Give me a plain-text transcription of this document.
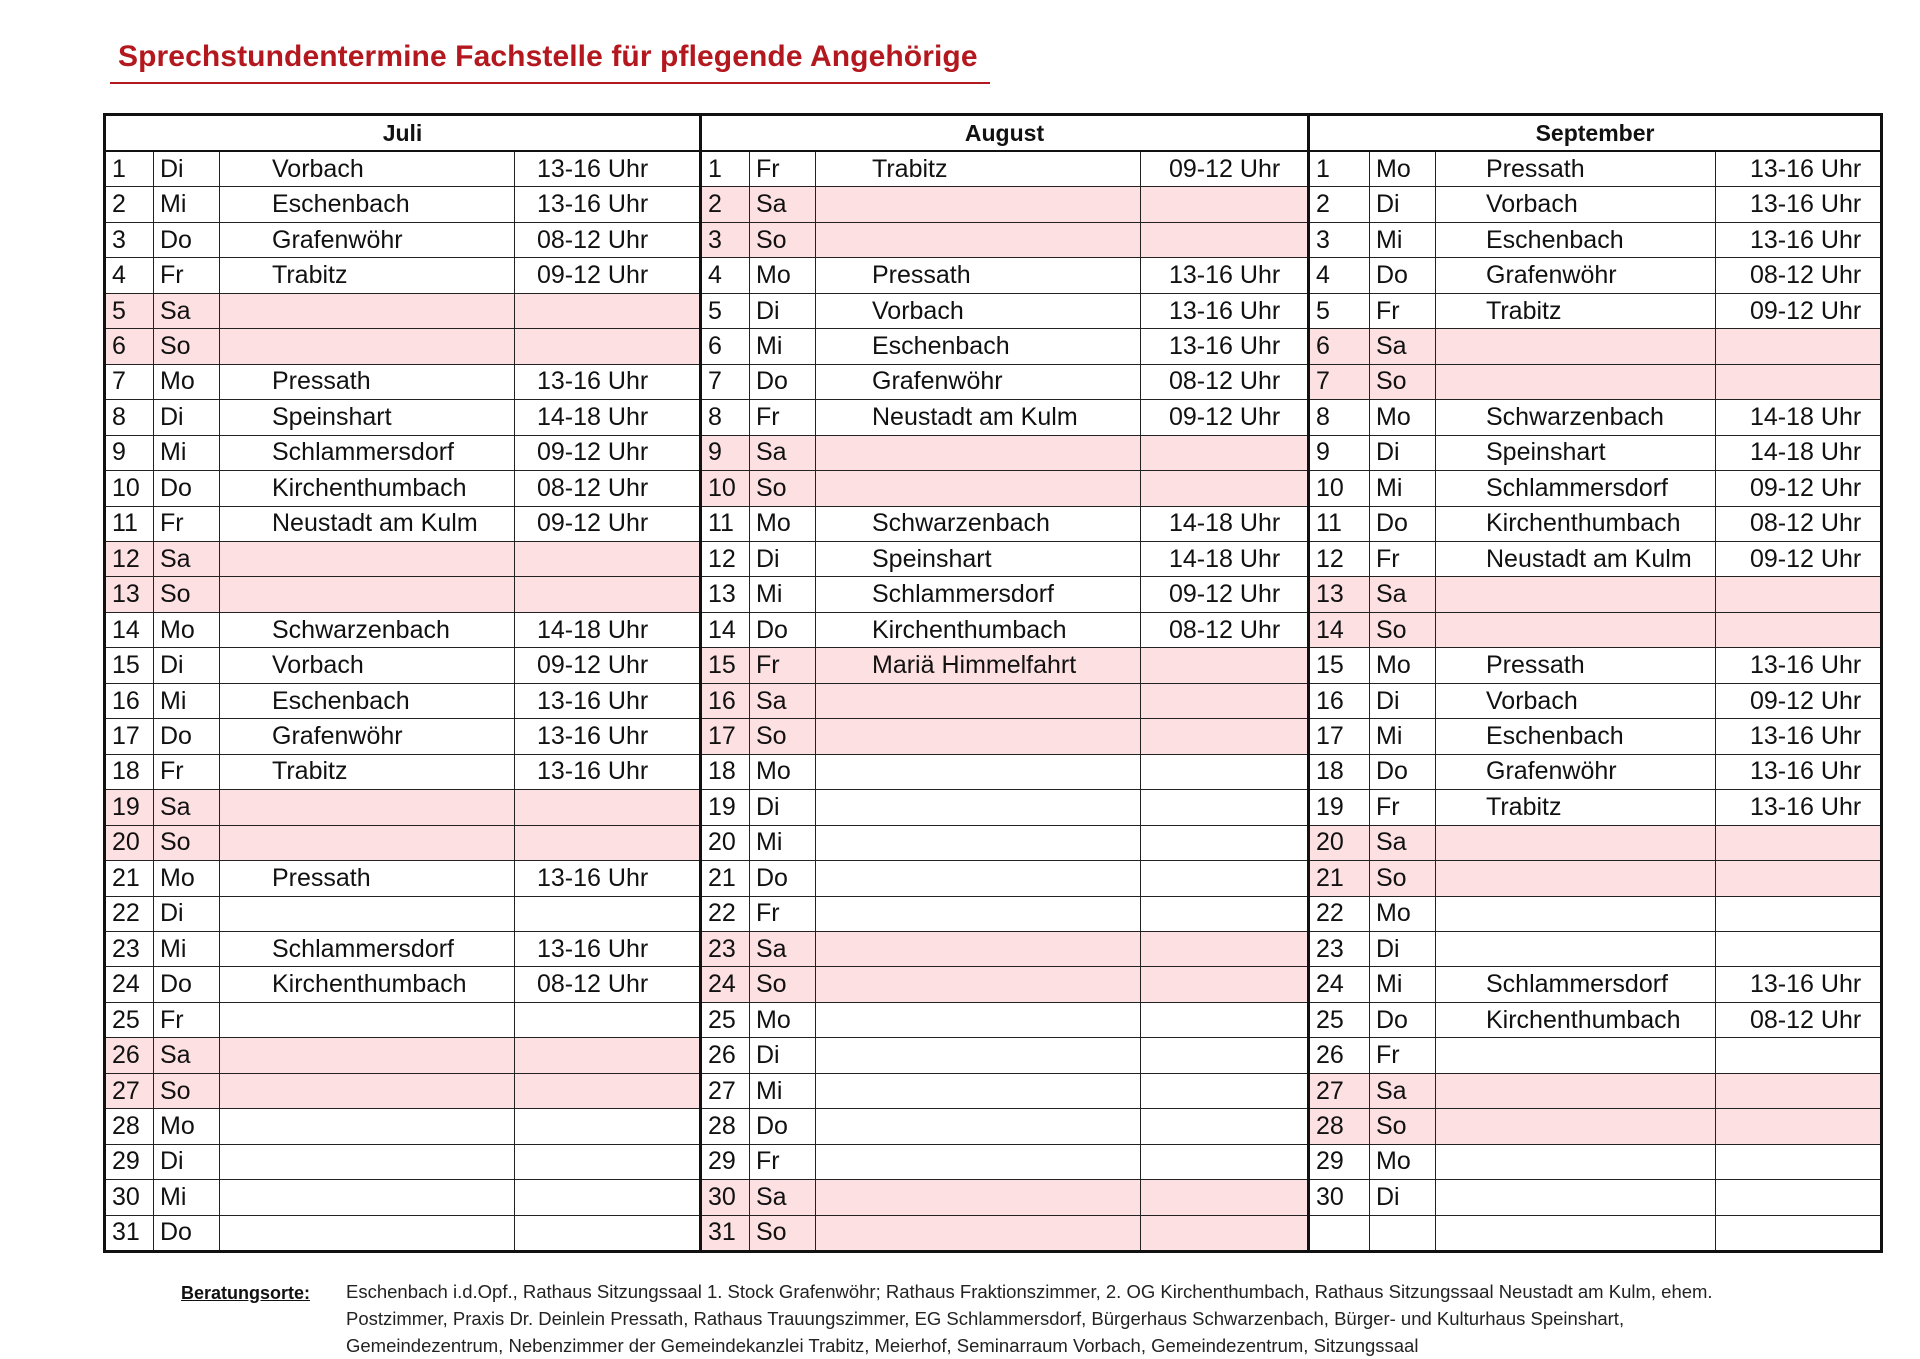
Sprechstundentermine Fachstelle für pflegende Angehörige
Juli
1	Di	Vorbach	13-16 Uhr
2	Mi	Eschenbach	13-16 Uhr
3	Do	Grafenwöhr	08-12 Uhr
4	Fr	Trabitz	09-12 Uhr
5	Sa
6	So
7	Mo	Pressath	13-16 Uhr
8	Di	Speinshart	14-18 Uhr
9	Mi	Schlammersdorf	09-12 Uhr
10 Do	Kirchenthumbach	08-12 Uhr
11 Fr	Neustadt am Kulm	09-12 Uhr
12 Sa
13 So
14 Mo	Schwarzenbach	14-18 Uhr
15 Di	Vorbach	09-12 Uhr
16 Mi	Eschenbach	13-16 Uhr
17 Do	Grafenwöhr	13-16 Uhr
18 Fr	Trabitz	13-16 Uhr
19 Sa
20 So
21 Mo	Pressath	13-16 Uhr
22 Di
23 Mi	Schlammersdorf	13-16 Uhr
24 Do	Kirchenthumbach	08-12 Uhr
25 Fr
26 Sa
27 So
28 Mo
29 Di
30 Mi
31 Do
August
1	Fr	Trabitz	09-12 Uhr
2	Sa
3	So
4	Mo	Pressath	13-16 Uhr
5	Di	Vorbach	13-16 Uhr
6	Mi	Eschenbach	13-16 Uhr
7	Do	Grafenwöhr	08-12 Uhr
8	Fr	Neustadt am Kulm	09-12 Uhr
9	Sa
10 So
11 Mo	Schwarzenbach	14-18 Uhr
12 Di	Speinshart	14-18 Uhr
13 Mi	Schlammersdorf	09-12 Uhr
14 Do	Kirchenthumbach	08-12 Uhr
15 Fr	Mariä Himmelfahrt
16 Sa
17 So
18 Mo
19 Di
20 Mi
21 Do
22 Fr
23 Sa
24 So
25 Mo
26 Di
27 Mi
28 Do
29 Fr
30 Sa
31 So
September
1	Mo	Pressath	13-16 Uhr
2	Di	Vorbach	13-16 Uhr
3	Mi	Eschenbach	13-16 Uhr
4	Do	Grafenwöhr	08-12 Uhr
5	Fr	Trabitz	09-12 Uhr
6	Sa
7	So
8	Mo	Schwarzenbach	14-18 Uhr
9	Di	Speinshart	14-18 Uhr
10	Mi	Schlammersdorf	09-12 Uhr
11	Do	Kirchenthumbach	08-12 Uhr
12	Fr	Neustadt am Kulm	09-12 Uhr
13	Sa
14	So
15	Mo	Pressath	13-16 Uhr
16	Di	Vorbach	09-12 Uhr
17	Mi	Eschenbach	13-16 Uhr
18	Do	Grafenwöhr	13-16 Uhr
19	Fr	Trabitz	13-16 Uhr
20	Sa
21	So
22	Mo
23	Di
24	Mi	Schlammersdorf	13-16 Uhr
25	Do	Kirchenthumbach	08-12 Uhr
26	Fr
27	Sa
28	So
29	Mo
30	Di
Beratungsorte: Eschenbach i.d.Opf., Rathaus Sitzungssaal 1. Stock Grafenwöhr; Rathaus Fraktionszimmer, 2. OG Kirchenthumbach, Rathaus Sitzungssaal Neustadt am Kulm, ehem. Postzimmer, Praxis Dr. Deinlein Pressath, Rathaus Trauungszimmer, EG Schlammersdorf, Bürgerhaus Schwarzenbach, Bürger- und Kulturhaus Speinshart, Gemeindezentrum, Nebenzimmer der Gemeindekanzlei Trabitz, Meierhof, Seminarraum Vorbach, Gemeindezentrum, Sitzungssaal
